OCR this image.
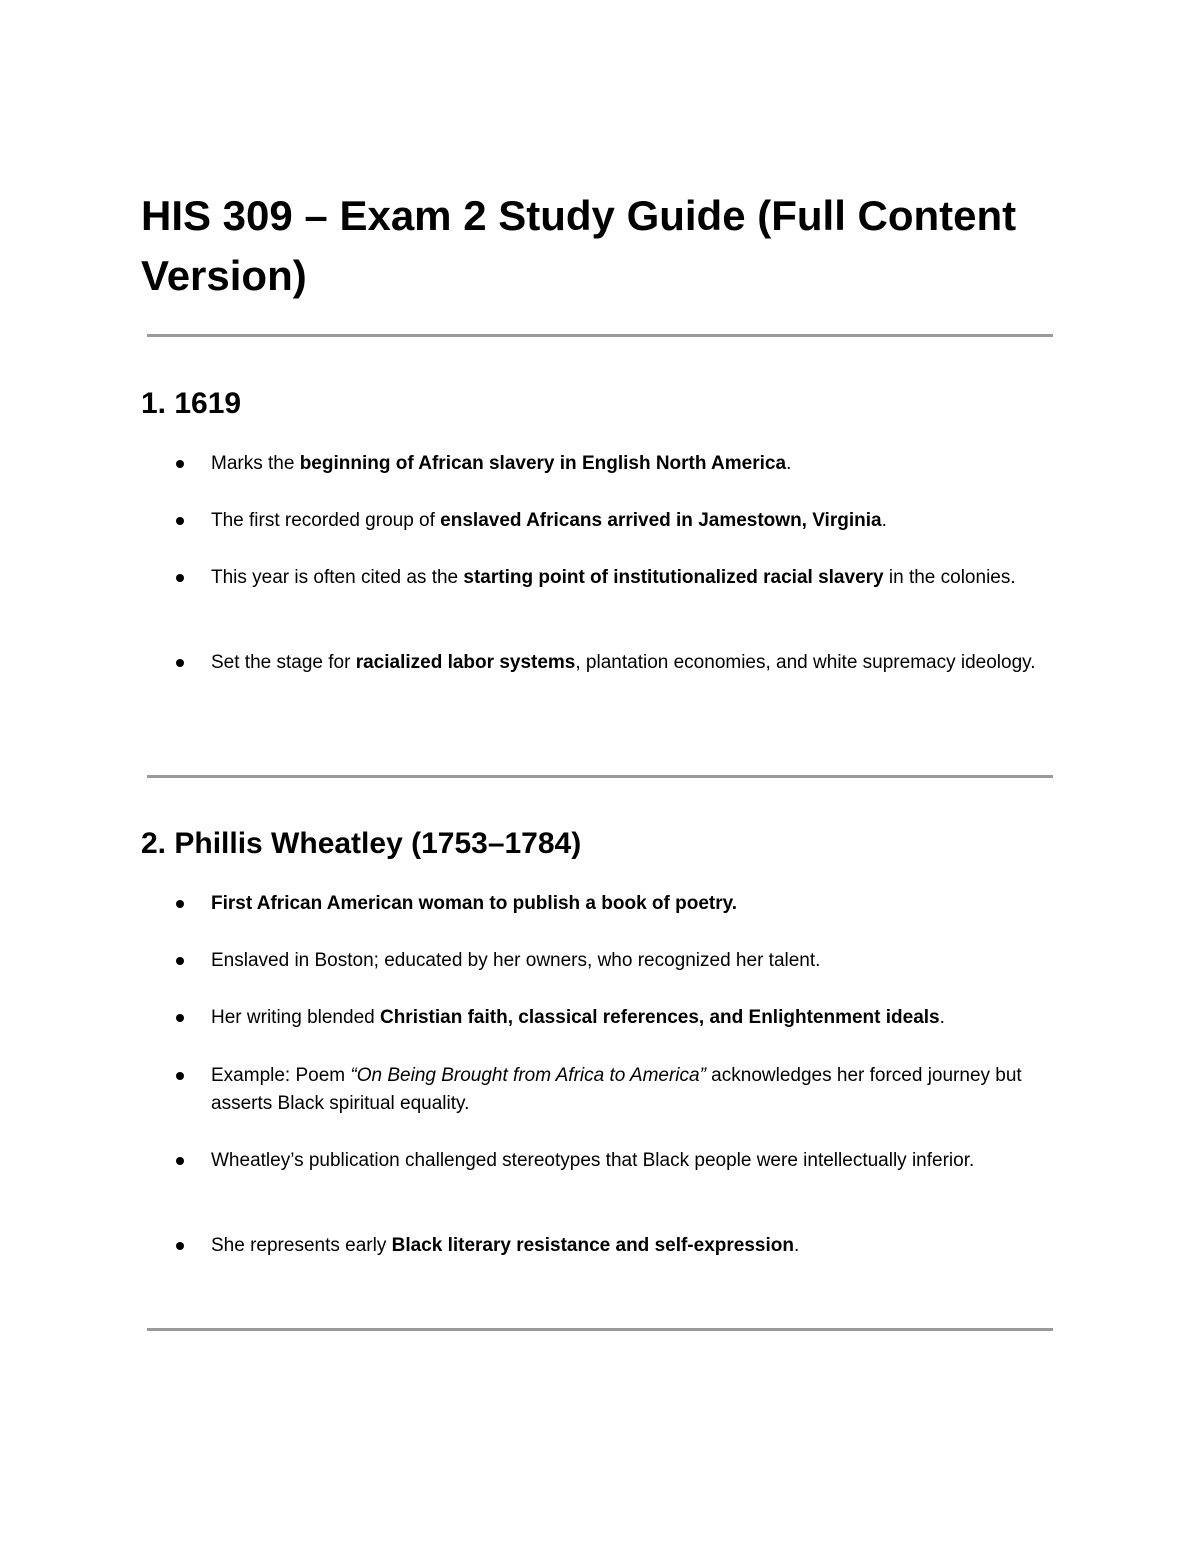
HIS 309 – Exam 2 Study Guide (Full Content Version)
1. 1619

Marks the beginning of African slavery in English North America.

The first recorded group of enslaved Africans arrived in Jamestown, Virginia.

This year is often cited as the starting point of institutionalized racial slavery in the colonies.

Set the stage for racialized labor systems, plantation economies, and white supremacy ideology.

2. Phillis Wheatley (1753–1784)

First African American woman to publish a book of poetry.

Enslaved in Boston; educated by her owners, who recognized her talent.

Her writing blended Christian faith, classical references, and Enlightenment ideals.

Example: Poem “On Being Brought from Africa to America” acknowledges her forced journey but asserts Black spiritual equality.

Wheatley’s publication challenged stereotypes that Black people were intellectually inferior.

She represents early Black literary resistance and self-expression.
